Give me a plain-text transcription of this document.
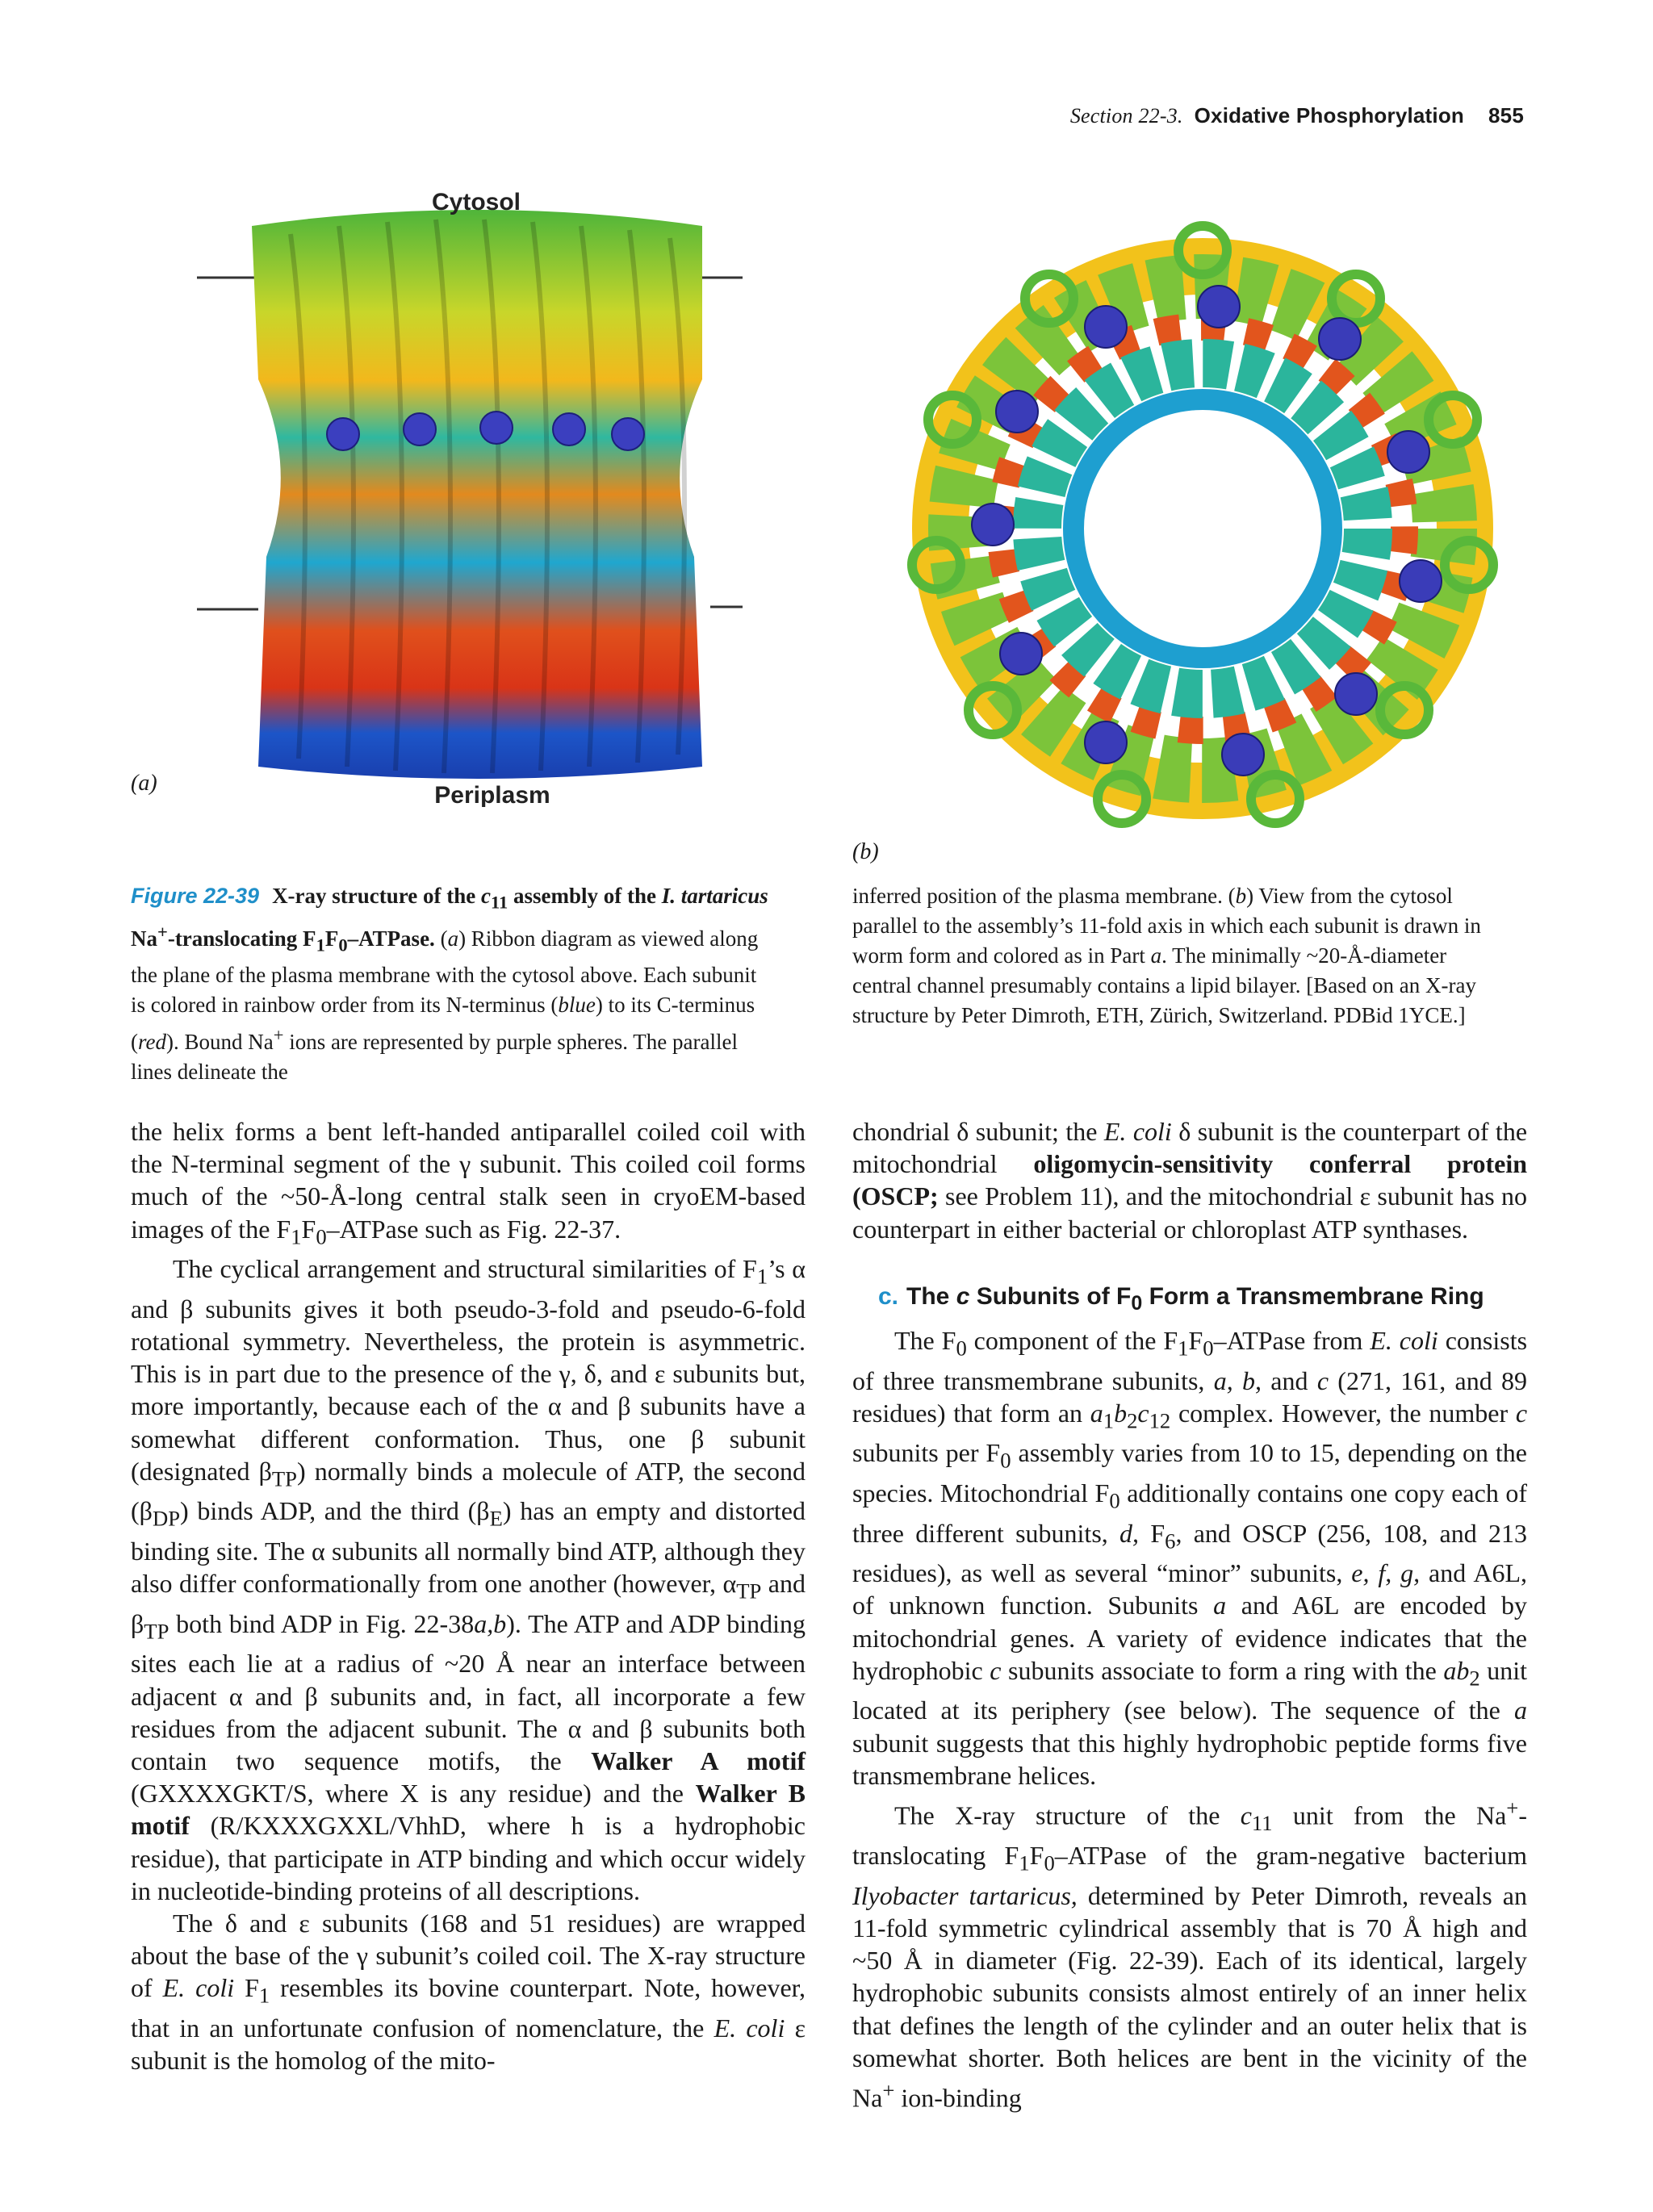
Section 22-3. Oxidative Phosphorylation 855
Cytosol
Periplasm
(a)
(b)
Figure 22-39 X-ray structure of the $c_{11}$ assembly of the I. tartaricus Na+-translocating $F_1F_0$–ATPase. (a) Ribbon diagram as viewed along the plane of the plasma membrane with the cytosol above. Each subunit is colored in rainbow order from its N-terminus (blue) to its C-terminus (red). Bound Na+ ions are represented by purple spheres. The parallel lines delineate the
inferred position of the plasma membrane. (b) View from the cytosol parallel to the assembly’s 11-fold axis in which each subunit is drawn in worm form and colored as in Part a. The minimally ~20-Å-diameter central channel presumably contains a lipid bilayer. [Based on an X-ray structure by Peter Dimroth, ETH, Zürich, Switzerland. PDBid 1YCE.]

the helix forms a bent left-handed antiparallel coiled coil with the N-terminal segment of the γ subunit. This coiled coil forms much of the ~50-Å-long central stalk seen in cryoEM-based images of the $F_1F_0$–ATPase such as Fig. 22-37.

The cyclical arrangement and structural similarities of $F_1’s$ α and β subunits gives it both pseudo-3-fold and pseudo-6-fold rotational symmetry. Nevertheless, the protein is asymmetric. This is in part due to the presence of the γ, δ, and ε subunits but, more importantly, because each of the α and β subunits have a somewhat different conformation. Thus, one β subunit (designated $\beta_{TP}$) normally binds a molecule of ATP, the second $(\beta_{DP})$ binds ADP, and the third $(\beta_E)$ has an empty and distorted binding site. The α subunits all normally bind ATP, although they also differ conformationally from one another (however, $\alpha_{TP}$ and $\beta_{TP}$ both bind ADP in Fig. 22-38a,b). The ATP and ADP binding sites each lie at a radius of ~20 Å near an interface between adjacent α and β subunits and, in fact, all incorporate a few residues from the adjacent subunit. The α and β subunits both contain two sequence motifs, the Walker A motif (GXXXXGKT/S, where X is any residue) and the Walker B motif (R/KXXXGXXL/VhhD, where h is a hydrophobic residue), that participate in ATP binding and which occur widely in nucleotide-binding proteins of all descriptions.

The δ and ε subunits (168 and 51 residues) are wrapped about the base of the γ subunit’s coiled coil. The X-ray structure of E. coli $F_1$ resembles its bovine counterpart. Note, however, that in an unfortunate confusion of nomenclature, the E. coli ε subunit is the homolog of the mito-

chondrial δ subunit; the E. coli δ subunit is the counterpart of the mitochondrial oligomycin-sensitivity conferral protein (OSCP; see Problem 11), and the mitochondrial ε subunit has no counterpart in either bacterial or chloroplast ATP synthases.

c. The c Subunits of $F_0$ Form a Transmembrane Ring

The $F_0$ component of the $F_1F_0$–ATPase from E. coli consists of three transmembrane subunits, a, b, and c (271, 161, and 89 residues) that form an $a_1b_2c_{12}$ complex. However, the number c subunits per $F_0$ assembly varies from 10 to 15, depending on the species. Mitochondrial $F_0$ additionally contains one copy each of three different subunits, d, $F_6$, and OSCP (256, 108, and 213 residues), as well as several “minor” subunits, e, f, g, and A6L, of unknown function. Subunits a and A6L are encoded by mitochondrial genes. A variety of evidence indicates that the hydrophobic c subunits associate to form a ring with the $ab_2$ unit located at its periphery (see below). The sequence of the a subunit suggests that this highly hydrophobic peptide forms five transmembrane helices.

The X-ray structure of the $c_{11}$ unit from the Na+-translocating $F_1F_0$–ATPase of the gram-negative bacterium Ilyobacter tartaricus, determined by Peter Dimroth, reveals an 11-fold symmetric cylindrical assembly that is 70 Å high and ~50 Å in diameter (Fig. 22-39). Each of its identical, largely hydrophobic subunits consists almost entirely of an inner helix that defines the length of the cylinder and an outer helix that is somewhat shorter. Both helices are bent in the vicinity of the Na+ ion-binding
